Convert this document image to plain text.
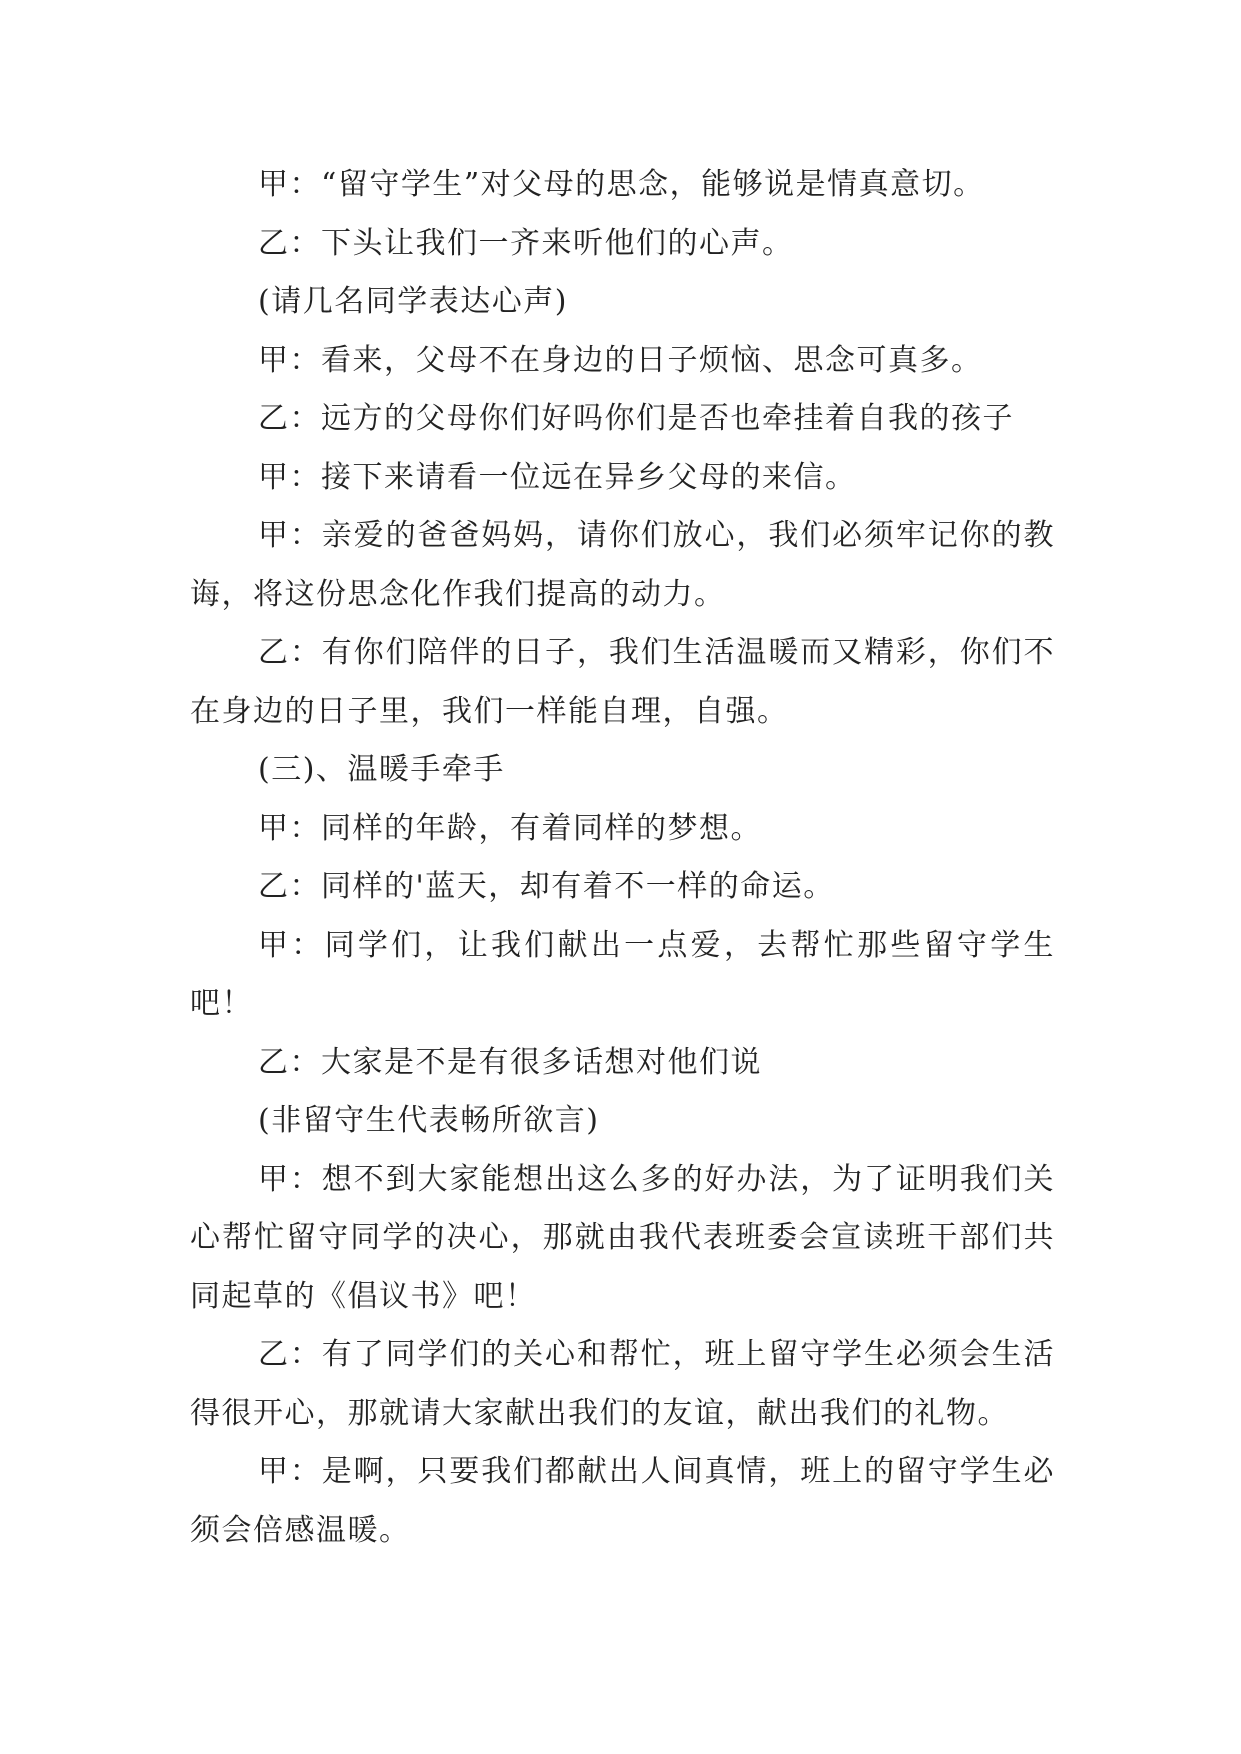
甲：“留守学生”对父母的思念，能够说是情真意切。

乙：下头让我们一齐来听他们的心声。

(请几名同学表达心声)

甲：看来，父母不在身边的日子烦恼、思念可真多。

乙：远方的父母你们好吗你们是否也牵挂着自我的孩子

甲：接下来请看一位远在异乡父母的来信。

甲：亲爱的爸爸妈妈，请你们放心，我们必须牢记你的教诲，将这份思念化作我们提高的动力。

乙：有你们陪伴的日子，我们生活温暖而又精彩，你们不在身边的日子里，我们一样能自理，自强。

(三)、温暖手牵手

甲：同样的年龄，有着同样的梦想。

乙：同样的'蓝天，却有着不一样的命运。

甲：同学们，让我们献出一点爱，去帮忙那些留守学生吧！

乙：大家是不是有很多话想对他们说

(非留守生代表畅所欲言)

甲：想不到大家能想出这么多的好办法，为了证明我们关心帮忙留守同学的决心，那就由我代表班委会宣读班干部们共同起草的《倡议书》吧！

乙：有了同学们的关心和帮忙，班上留守学生必须会生活得很开心，那就请大家献出我们的友谊，献出我们的礼物。

甲：是啊，只要我们都献出人间真情，班上的留守学生必须会倍感温暖。
